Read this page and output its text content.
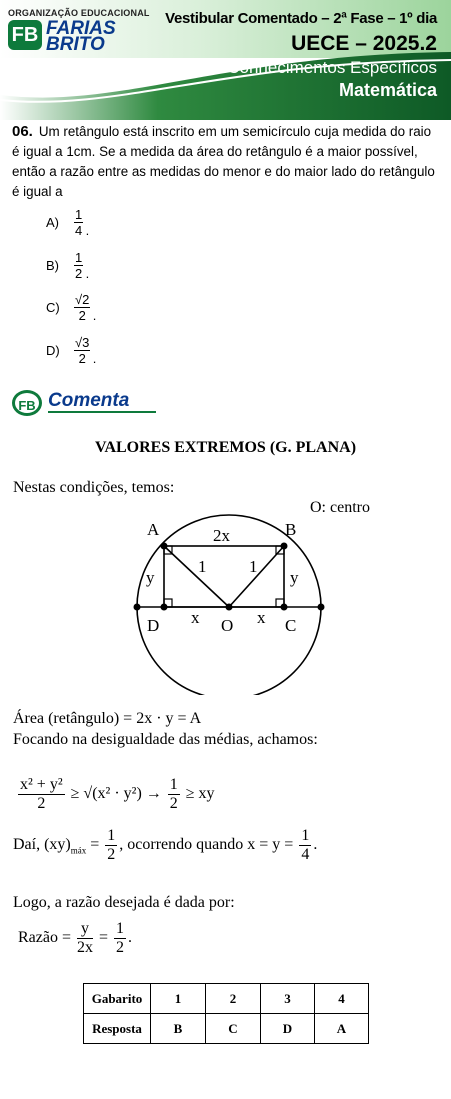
ORGANIZAÇÃO EDUCACIONAL
FB FARIAS
BRITO
Vestibular Comentado – 2ª Fase – 1º dia
UECE – 2025.2
Conhecimentos Específicos
Matemática
06. Um retângulo está inscrito em um semicírculo cuja medida do raio é igual a 1cm. Se a medida da área do retângulo é a maior possível, então a razão entre as medidas do menor e do maior lado do retângulo é igual a
A)
1
4 .
B)
1
2 .
C)
√2
2 .
D)
√3
2 .
FB Comenta
VALORES EXTREMOS (G. PLANA)
Nestas condições, temos:
O: centro
A	B
D	C
O
2x
y	y
1	1
x	x
Área (retângulo) = 2x · y = A
Focando na desigualdade das médias, achamos:
$\frac{\text{x² + y²}}{2} \ge √(x^2 \cdot y^2) \to \frac{1}{2}$ ≥ xy
Daí, $(xy)_{máx} = \frac{1}{2}$ , ocorrendo quando $x = y = \frac{1}{4}$ .
Logo, a razão desejada é dada por:
Razão = $\frac{y}{2x} = \frac{1}{2}$ .
Gabarito	1	2	3	4
Resposta	B	C	D	A
